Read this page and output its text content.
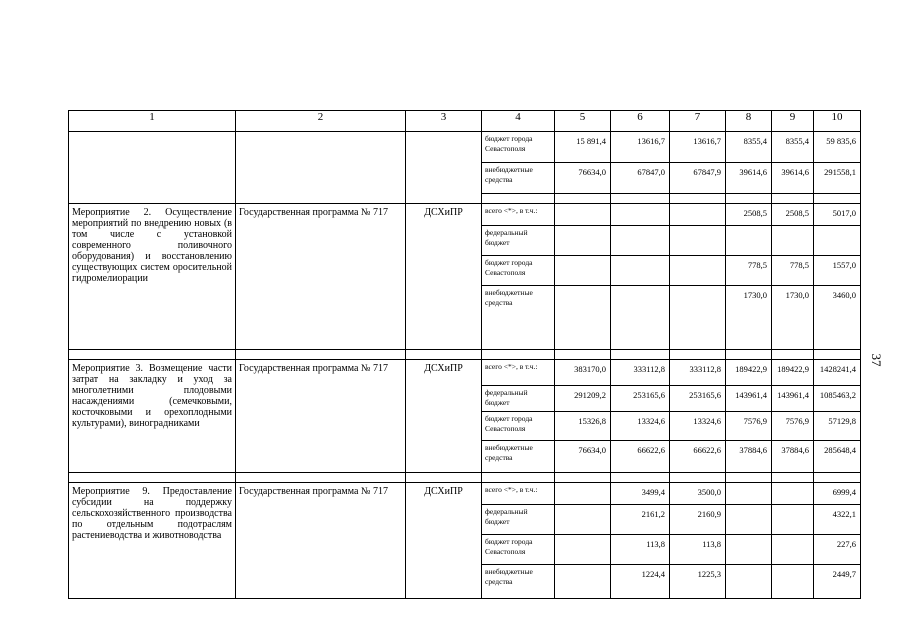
37
1	2	3	4	5	6	7	8	9	10
			бюджет города Севастополя	15 891,4	13616,7	13616,7	8355,4	8355,4	59 835,6
			внебюджетные средства	76634,0	67847,0	67847,9	39614,6	39614,6	291558,1

Мероприятие 2. Осуществление мероприятий по внедрению новых (в том числе с установкой современного поливочного оборудования) и восстановлению существующих систем оросительной гидромелиорации	Государственная программа № 717	ДСХиПР	всего <*>, в т.ч.:				2508,5	2508,5	5017,0
			федеральный бюджет						
			бюджет города Севастополя				778,5	778,5	1557,0
			внебюджетные средства				1730,0	1730,0	3460,0

Мероприятие 3. Возмещение части затрат на закладку и уход за многолетними плодовыми насаждениями (семечковыми, косточковыми и орехоплодными культурами), виноградниками	Государственная программа № 717	ДСХиПР	всего <*>, в т.ч.:	383170,0	333112,8	333112,8	189422,9	189422,9	1428241,4
			федеральный бюджет	291209,2	253165,6	253165,6	143961,4	143961,4	1085463,2
			бюджет города Севастополя	15326,8	13324,6	13324,6	7576,9	7576,9	57129,8
			внебюджетные средства	76634,0	66622,6	66622,6	37884,6	37884,6	285648,4

Мероприятие 9. Предоставление субсидии на поддержку сельскохозяйственного производства по отдельным подотраслям растениеводства и животноводства	Государственная программа № 717	ДСХиПР	всего <*>, в т.ч.:		3499,4	3500,0			6999,4
			федеральный бюджет		2161,2	2160,9			4322,1
			бюджет города Севастополя		113,8	113,8			227,6
			внебюджетные средства		1224,4	1225,3			2449,7
